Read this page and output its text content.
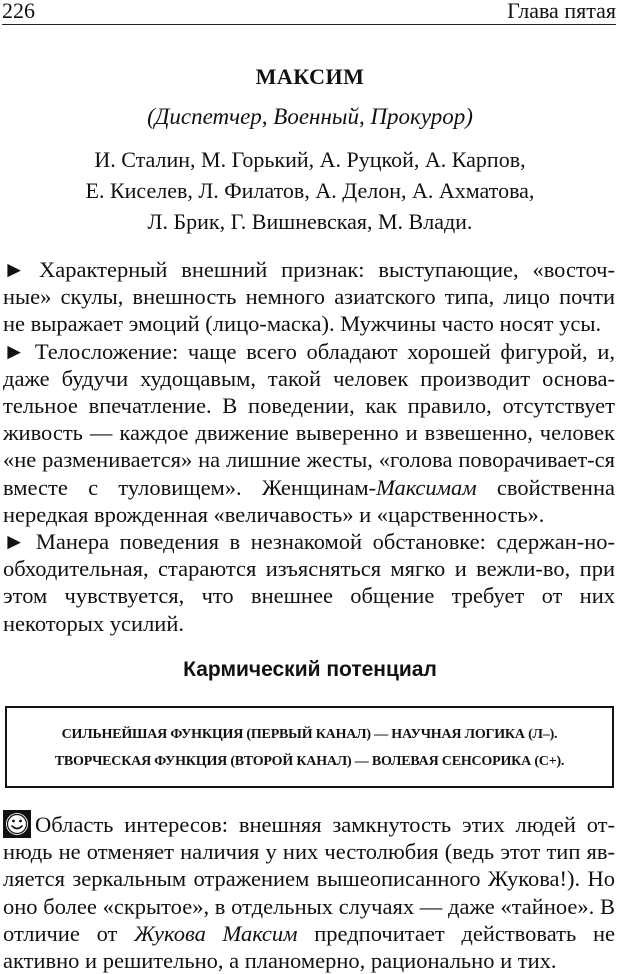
226	Глава пятая
МАКСИМ
(Диспетчер, Военный, Прокурор)
И. Сталин, М. Горький, А. Руцкой, А. Карпов,
Е. Киселев, Л. Филатов, А. Делон, А. Ахматова,
Л. Брик, Г. Вишневская, М. Влади.

► Характерный внешний признак: выступающие, «восточ-ные» скулы, внешность немного азиатского типа, лицо почти не выражает эмоций (лицо-маска). Мужчины часто носят усы.

► Телосложение: чаще всего обладают хорошей фигурой, и, даже будучи худощавым, такой человек производит основа-тельное впечатление. В поведении, как правило, отсутствует живость — каждое движение выверенно и взвешенно, человек «не разменивается» на лишние жесты, «голова поворачивает-ся вместе с туловищем». Женщинам-Максимам свойственна нередкая врожденная «величавость» и «царственность».

► Манера поведения в незнакомой обстановке: сдержан-но-обходительная, стараются изъясняться мягко и вежли-во, при этом чувствуется, что внешнее общение требует от них некоторых усилий.

Кармический потенциал
СИЛЬНЕЙШАЯ ФУНКЦИЯ (ПЕРВЫЙ КАНАЛ) — НАУЧНАЯ ЛОГИКА (Л–).
ТВОРЧЕСКАЯ ФУНКЦИЯ (ВТОРОЙ КАНАЛ) — ВОЛЕВАЯ СЕНСОРИКА (С+).

Область интересов: внешняя замкнутость этих людей от-нюдь не отменяет наличия у них честолюбия (ведь этот тип яв-ляется зеркальным отражением вышеописанного Жукова!). Но оно более «скрытое», в отдельных случаях — даже «тайное». В отличие от Жукова Максим предпочитает действовать не активно и решительно, а планомерно, рационально и тих.
